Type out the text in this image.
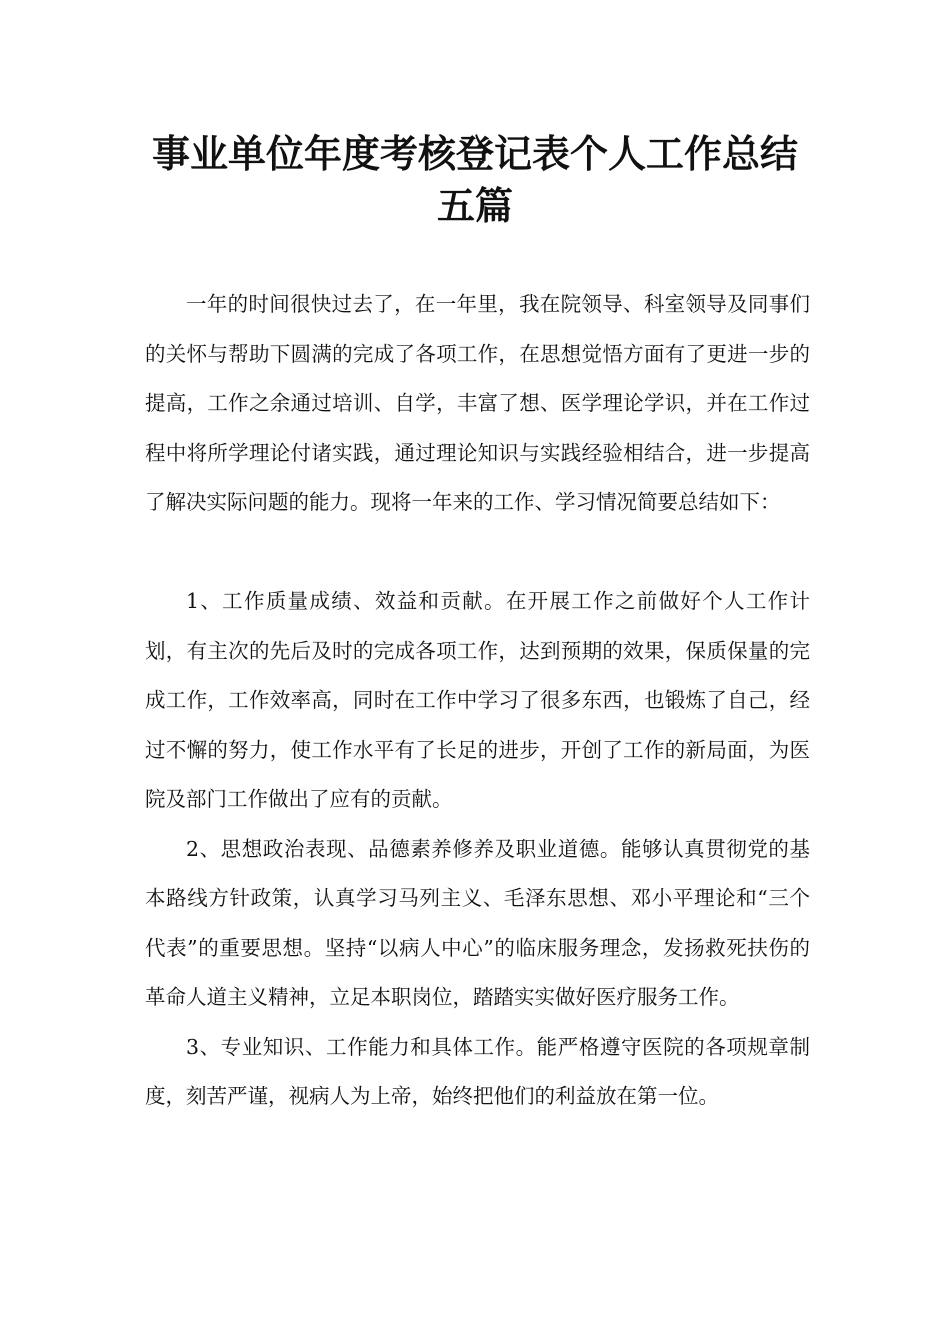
事业单位年度考核登记表个人工作总结
五篇

一年的时间很快过去了，在一年里，我在院领导、科室领导及同事们的关怀与帮助下圆满的完成了各项工作，在思想觉悟方面有了更进一步的提高，工作之余通过培训、自学，丰富了想、医学理论学识，并在工作过程中将所学理论付诸实践，通过理论知识与实践经验相结合，进一步提高了解决实际问题的能力。现将一年来的工作、学习情况简要总结如下：

1、工作质量成绩、效益和贡献。在开展工作之前做好个人工作计划，有主次的先后及时的完成各项工作，达到预期的效果，保质保量的完成工作，工作效率高，同时在工作中学习了很多东西，也锻炼了自己，经过不懈的努力，使工作水平有了长足的进步，开创了工作的新局面，为医院及部门工作做出了应有的贡献。

2、思想政治表现、品德素养修养及职业道德。能够认真贯彻党的基本路线方针政策，认真学习马列主义、毛泽东思想、邓小平理论和“三个代表”的重要思想。坚持“以病人中心”的临床服务理念，发扬救死扶伤的革命人道主义精神，立足本职岗位，踏踏实实做好医疗服务工作。

3、专业知识、工作能力和具体工作。能严格遵守医院的各项规章制度，刻苦严谨，视病人为上帝，始终把他们的利益放在第一位。
